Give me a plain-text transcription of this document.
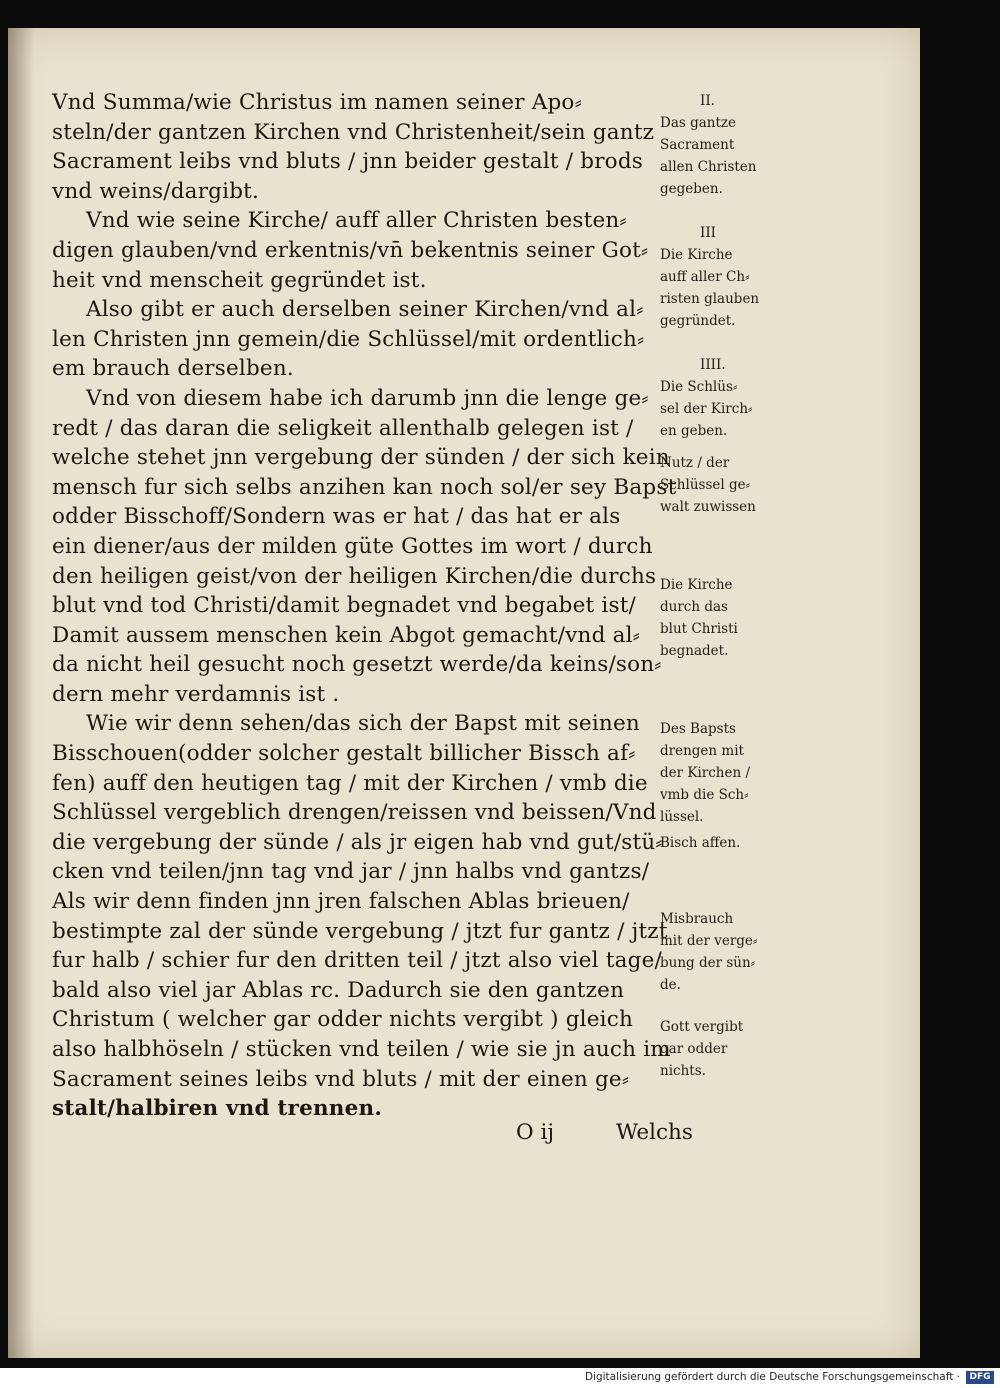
Vnd Summa/wie Christus im namen seiner Apo⸗
steln/der gantzen Kirchen vnd Christenheit/sein gantz
Sacrament leibs vnd bluts / jnn beider gestalt / brods
vnd weins/dargibt.
Vnd wie seine Kirche/ auff aller Christen besten⸗
digen glauben/vnd erkentnis/vn̄ bekentnis seiner Got⸗
heit vnd menscheit gegründet ist.
Also gibt er auch derselben seiner Kirchen/vnd al⸗
len Christen jnn gemein/die Schlüssel/mit ordentlich⸗
em brauch derselben.
Vnd von diesem habe ich darumb jnn die lenge ge⸗
redt / das daran die seligkeit allenthalb gelegen ist /
welche stehet jnn vergebung der sünden / der sich kein
mensch fur sich selbs anzihen kan noch sol/er sey Bapst
odder Bisschoff/Sondern was er hat / das hat er als
ein diener/aus der milden güte Gottes im wort / durch
den heiligen geist/von der heiligen Kirchen/die durchs
blut vnd tod Christi/damit begnadet vnd begabet ist/
Damit aussem menschen kein Abgot gemacht/vnd al⸗
da nicht heil gesucht noch gesetzt werde/da keins/son⸗
dern mehr verdamnis ist .
Wie wir denn sehen/das sich der Bapst mit seinen
Bisschouen(odder solcher gestalt billicher Bissch af⸗
fen) auff den heutigen tag / mit der Kirchen / vmb die
Schlüssel vergeblich drengen/reissen vnd beissen/Vnd
die vergebung der sünde / als jr eigen hab vnd gut/stü⸗
cken vnd teilen/jnn tag vnd jar / jnn halbs vnd gantzs/
Als wir denn finden jnn jren falschen Ablas brieuen/
bestimpte zal der sünde vergebung / jtzt fur gantz / jtzt
fur halb / schier fur den dritten teil / jtzt also viel tage/
bald also viel jar Ablas rc. Dadurch sie den gantzen
Christum ( welcher gar odder nichts vergibt ) gleich
also halbhöseln / stücken vnd teilen / wie sie jn auch im
Sacrament seines leibs vnd bluts / mit der einen ge⸗
stalt/halbiren vnd trennen.
II.
Das gantze
Sacrament
allen Christen
gegeben.
III
Die Kirche
auff aller Ch⸗
risten glauben
gegründet.
IIII.
Die Schlüs⸗
sel der Kirch⸗
en geben.
Nutz / der
Schlüssel ge⸗
walt zuwissen
Die Kirche
durch das
blut Christi
begnadet.
Des Bapsts
drengen mit
der Kirchen /
vmb die Sch⸗
lüssel.
Bisch affen.
Misbrauch
mit der verge⸗
bung der sün⸗
de.
Gott vergibt
gar odder
nichts.
O ij	Welchs
Digitalisierung gefördert durch die Deutsche Forschungsgemeinschaft ·	DFG
